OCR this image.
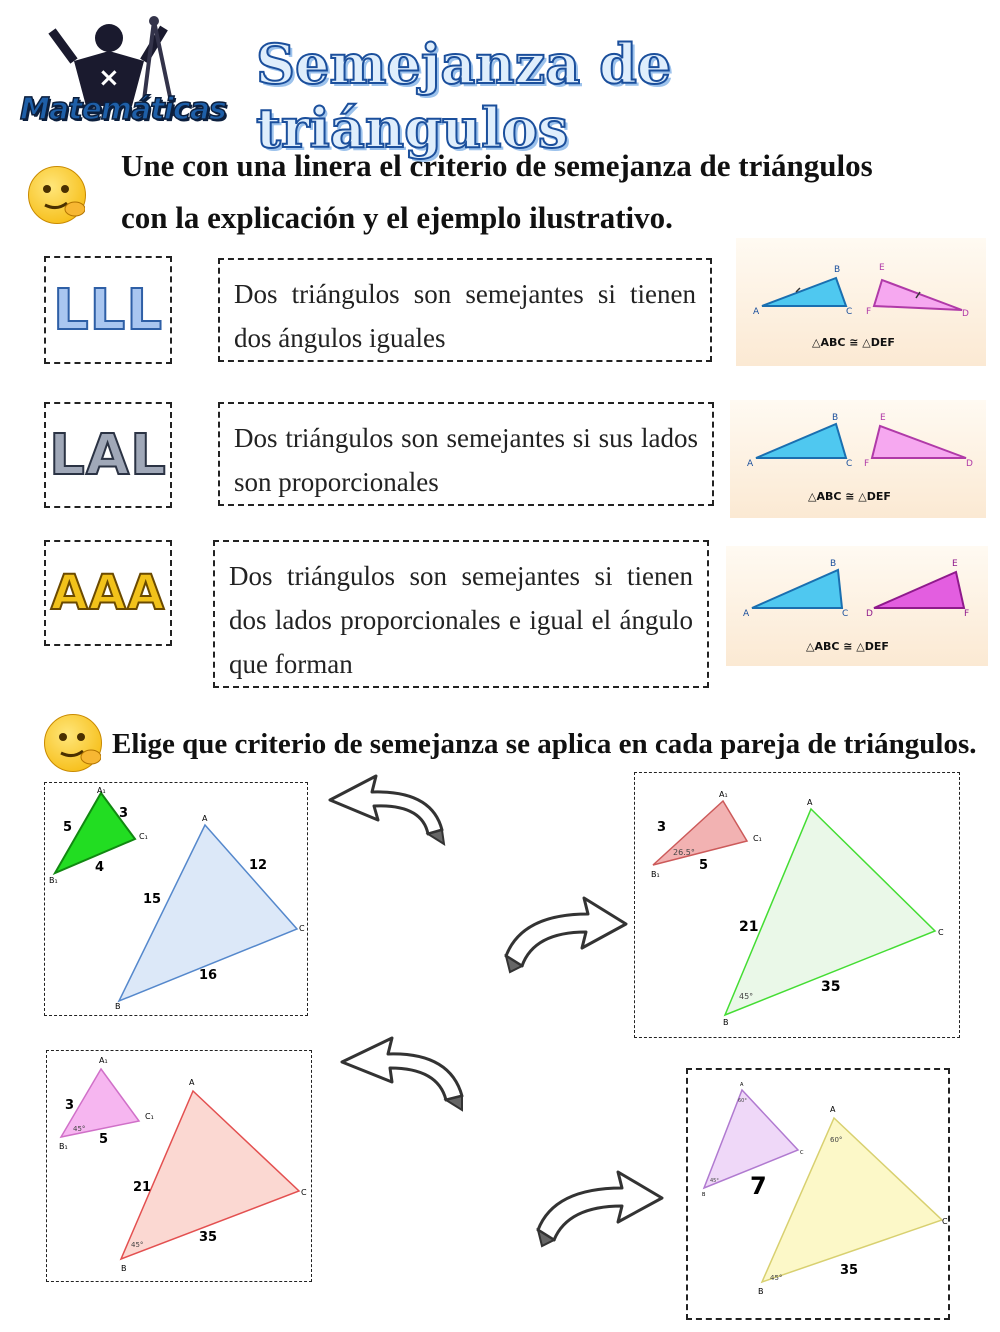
×
Matemáticas
Semejanza de triángulos
Une con una linera el criterio de semejanza de triángulos
con la explicación y el ejemplo ilustrativo.
LLL
LAL
AAA
Dos triángulos son semejantes si tienen dos ángulos iguales
Dos triángulos son semejantes si sus lados son proporcionales
Dos triángulos son semejantes si tienen dos lados proporcionales e igual el ángulo que forman
A
B
C
E
F	D
△ABC ≅ △DEF
A
B
C
E
F	D
△ABC ≅ △DEF
A
B
C
E
D	F
△ABC ≅ △DEF
Elige que criterio de semejanza se aplica en cada pareja de triángulos.
A₁
B₁
C₁
5
3
4
A
B
C
15
12
16
A₁
B₁
C₁
3
5
26.5°
A
B
C
21
35
45°
A₁
B₁
C₁
3
5
45°
A
B
C
21
35
45°
A
B
C
60°
45°
A
B
C
7
35
60°
45°
